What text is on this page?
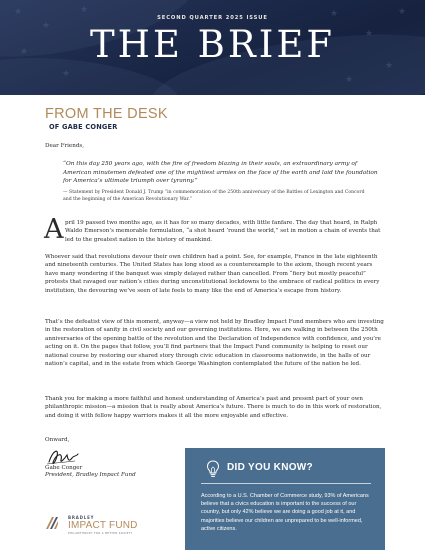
★
★
★
★
★
★
★
★
★
★
SECOND QUARTER 2025 ISSUE
THE BRIEF
FROM THE DESK
OF GABE CONGER
Dear Friends,
“On this day 250 years ago, with the fire of freedom blazing in their souls, an extraordinary army of American minutemen defeated one of the mightiest armies on the face of the earth and laid the foundation for America’s ultimate triumph over tyranny.”
— Statement by President Donald J. Trump “in commemoration of the 250th anniversary of the Battles of Lexington and Concord and the beginning of the American Revolutionary War.”
A pril 19 passed two months ago, as it has for so many decades, with little fanfare. The day that heard, in Ralph Waldo Emerson’s memorable formulation, “a shot heard ’round the world,” set in motion a chain of events that led to the greatest nation in the history of mankind.
Whoever said that revolutions devour their own children had a point. See, for example, France in the late eighteenth and nineteenth centuries. The United States has long stood as a counterexample to the axiom, though recent years have many wondering if the banquet was simply delayed rather than cancelled. From “fiery but mostly peaceful” protests that ravaged our nation’s cities during unconstitutional lockdowns to the embrace of radical politics in every institution, the devouring we’ve seen of late feels to many like the end of America’s escape from history.
That’s the defeatist view of this moment, anyway—a view not held by Bradley Impact Fund members who are investing in the restoration of sanity in civil society and our governing institutions. Here, we are walking in between the 250th anniversaries of the opening battle of the revolution and the Declaration of Independence with confidence, and you’re acting on it. On the pages that follow, you’ll find partners that the Impact Fund community is helping to reset our national course by restoring our shared story through civic education in classrooms nationwide, in the halls of our nation’s capital, and in the estate from which George Washington contemplated the future of the nation he led.
Thank you for making a more faithful and honest understanding of America’s past and present part of your own philanthropic mission—a mission that is really about America’s future. There is much to do in this work of restoration, and doing it with fellow happy warriors makes it all the more enjoyable and effective.
Onward,
Gabe Conger
President, Bradley Impact Fund
BRADLEY
IMPACT FUND
PHILANTHROPY FOR A BETTER SOCIETY
DID YOU KNOW?
According to a U.S. Chamber of Commerce study, 93% of Americans believe that a civics education is important to the success of our country, but only 42% believe we are doing a good job at it, and majorities believe our children are unprepared to be well-informed, active citizens.
